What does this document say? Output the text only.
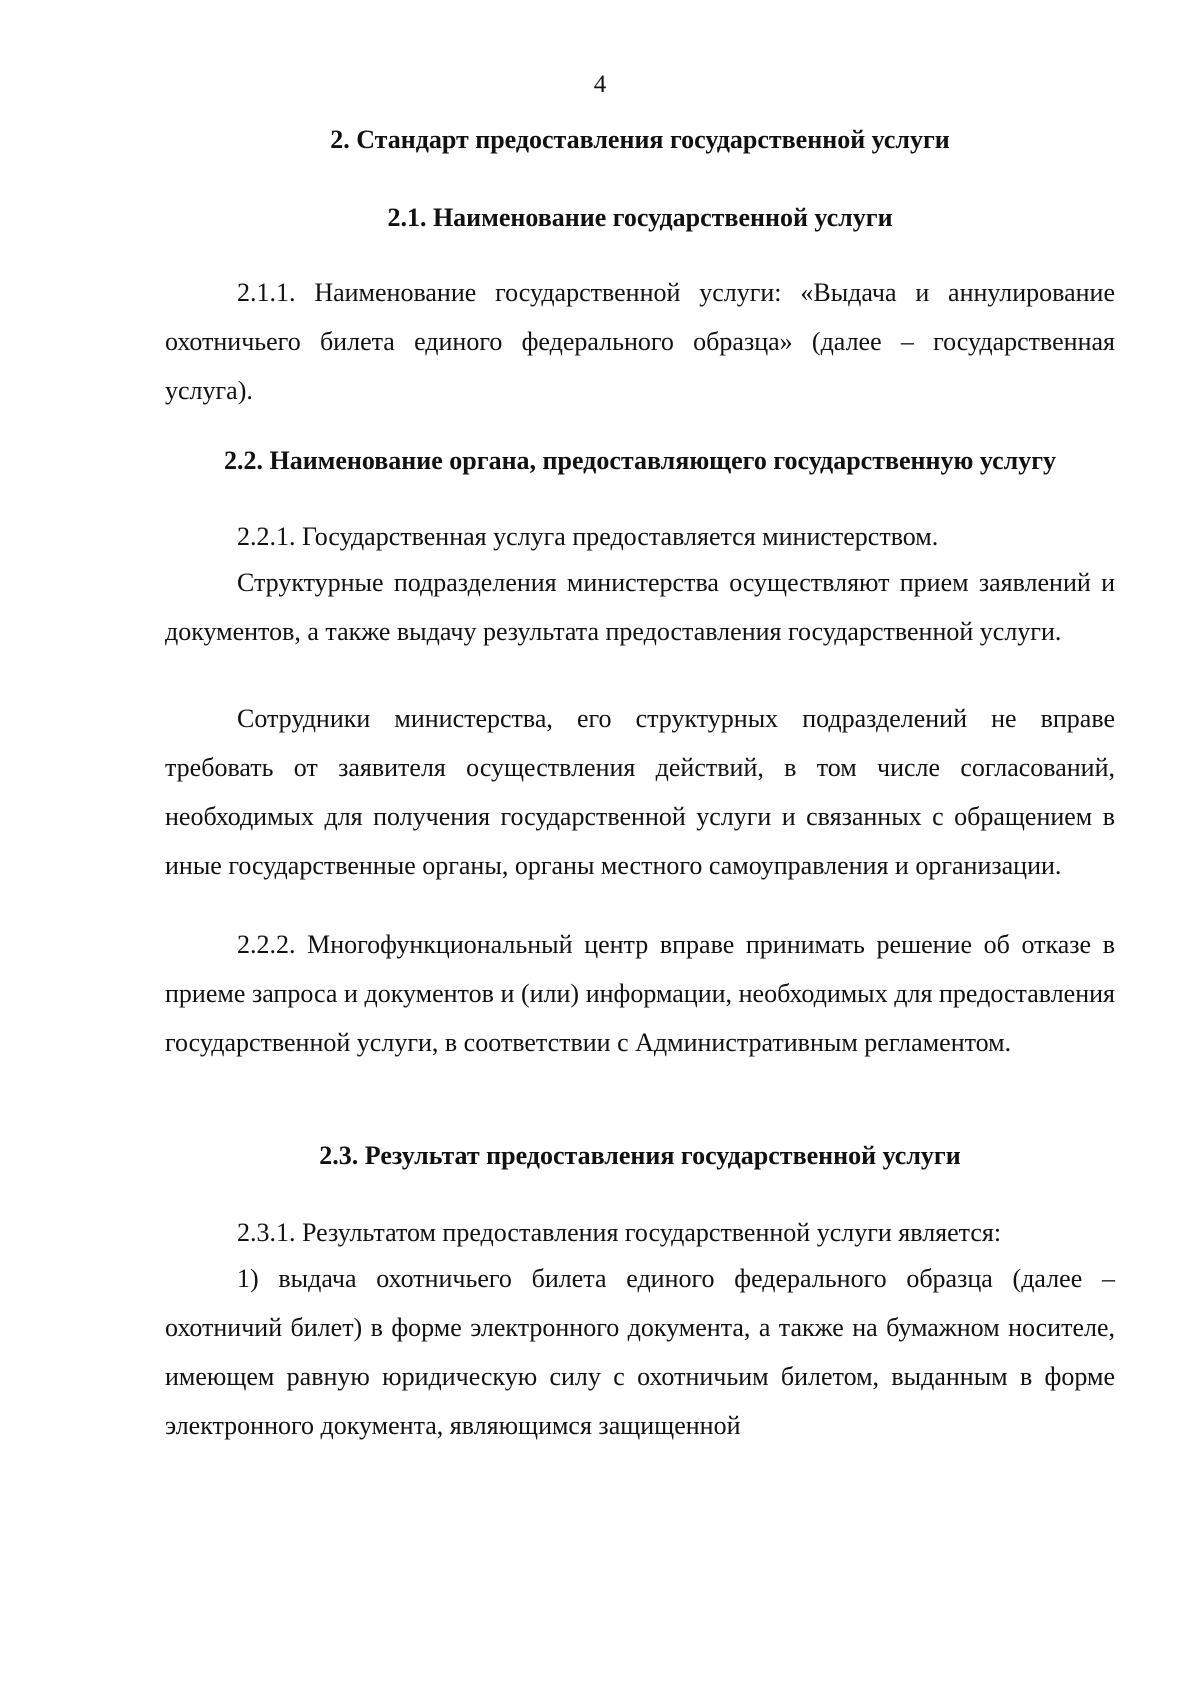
4
2. Стандарт предоставления государственной услуги
2.1. Наименование государственной услуги

2.1.1. Наименование государственной услуги: «Выдача и аннулирование охотничьего билета единого федерального образца» (далее – государственная услуга).

2.2. Наименование органа, предоставляющего государственную услугу

2.2.1. Государственная услуга предоставляется министерством.

Структурные подразделения министерства осуществляют прием заявлений и документов, а также выдачу результата предоставления государственной услуги.

Сотрудники министерства, его структурных подразделений не вправе требовать от заявителя осуществления действий, в том числе согласований, необходимых для получения государственной услуги и связанных с обращением в иные государственные органы, органы местного самоуправления и организации.

2.2.2. Многофункциональный центр вправе принимать решение об отказе в приеме запроса и документов и (или) информации, необходимых для предоставления государственной услуги, в соответствии с Административным регламентом.

2.3. Результат предоставления государственной услуги

2.3.1. Результатом предоставления государственной услуги является:

1) выдача охотничьего билета единого федерального образца (далее – охотничий билет) в форме электронного документа, а также на бумажном носителе, имеющем равную юридическую силу с охотничьим билетом, выданным в форме электронного документа, являющимся защищенной
